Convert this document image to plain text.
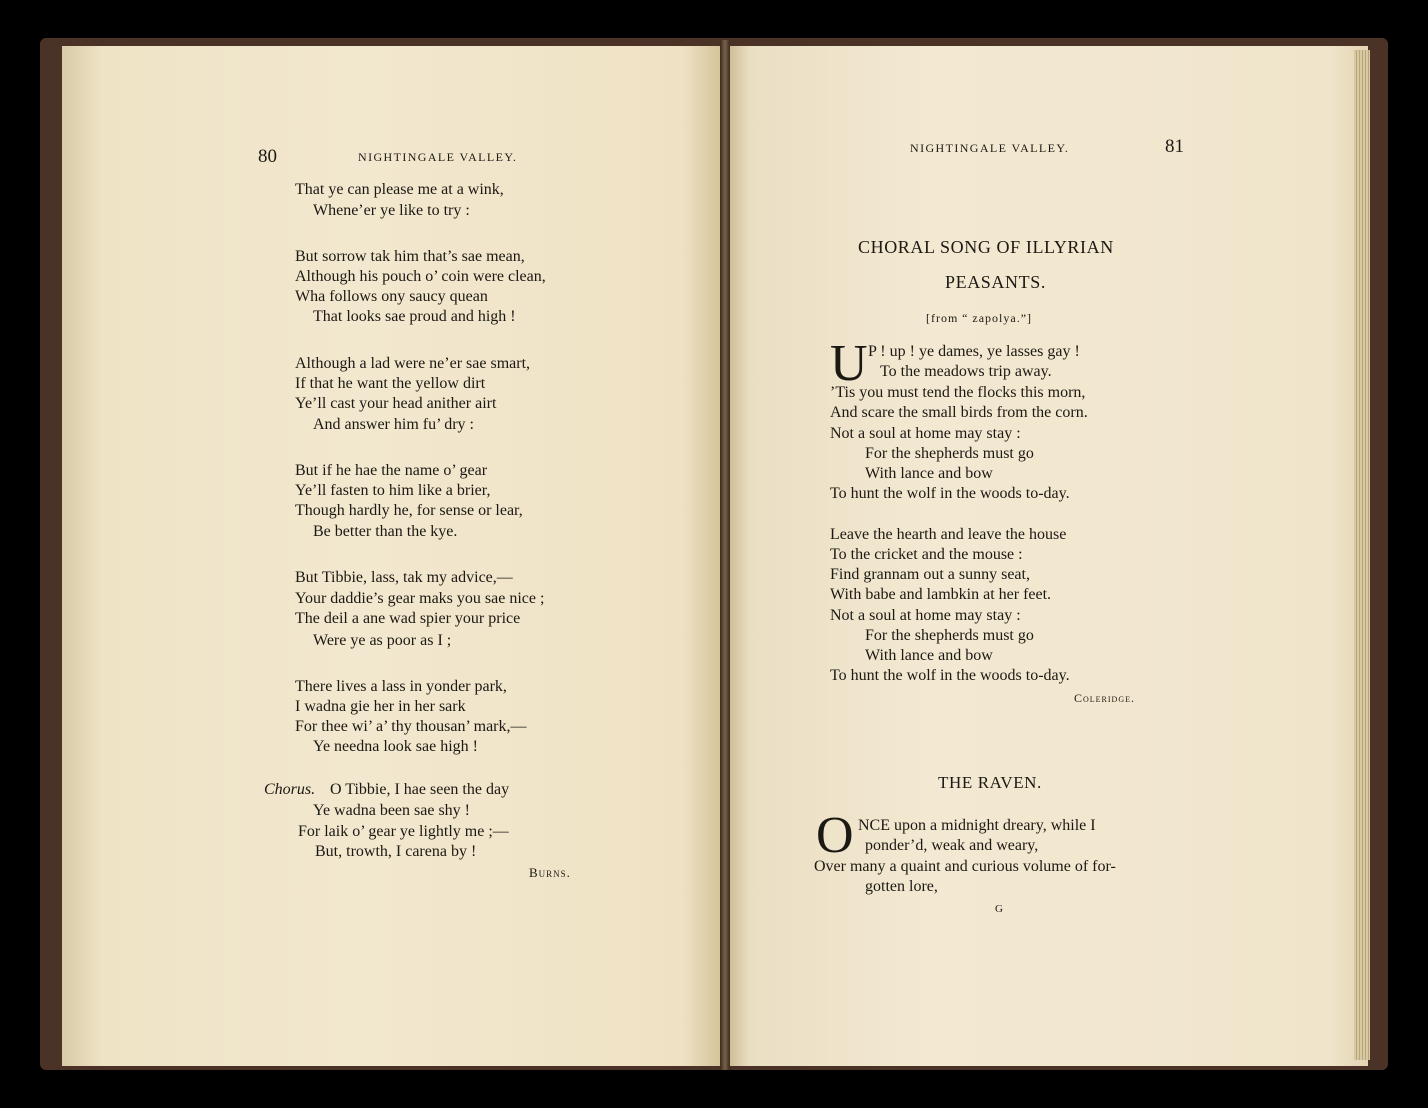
80	NIGHTINGALE VALLEY.
That ye can please me at a wink,
Whene’er ye like to try :
But sorrow tak him that’s sae mean,
Although his pouch o’ coin were clean,
Wha follows ony saucy quean
That looks sae proud and high !
Although a lad were ne’er sae smart,
If that he want the yellow dirt
Ye’ll cast your head anither airt
And answer him fu’ dry :
But if he hae the name o’ gear
Ye’ll fasten to him like a brier,
Though hardly he, for sense or lear,
Be better than the kye.
But Tibbie, lass, tak my advice,—
Your daddie’s gear maks you sae nice ;
The deil a ane wad spier your price
Were ye as poor as I ;
There lives a lass in yonder park,
I wadna gie her in her sark
For thee wi’ a’ thy thousan’ mark,—
Ye needna look sae high !
Chorus. O Tibbie, I hae seen the day
Ye wadna been sae shy !
For laik o’ gear ye lightly me ;—
But, trowth, I carena by !
Burns.
NIGHTINGALE VALLEY.	81
CHORAL SONG OF ILLYRIAN
PEASANTS.
[from “ zapolya.”]
U P ! up ! ye dames, ye lasses gay !
To the meadows trip away.
’Tis you must tend the flocks this morn,
And scare the small birds from the corn.
Not a soul at home may stay :
For the shepherds must go
With lance and bow
To hunt the wolf in the woods to-day.
Leave the hearth and leave the house
To the cricket and the mouse :
Find grannam out a sunny seat,
With babe and lambkin at her feet.
Not a soul at home may stay :
For the shepherds must go
With lance and bow
To hunt the wolf in the woods to-day.
Coleridge.
THE RAVEN.
O NCE upon a midnight dreary, while I
ponder’d, weak and weary,
Over many a quaint and curious volume of for-
gotten lore,
G
